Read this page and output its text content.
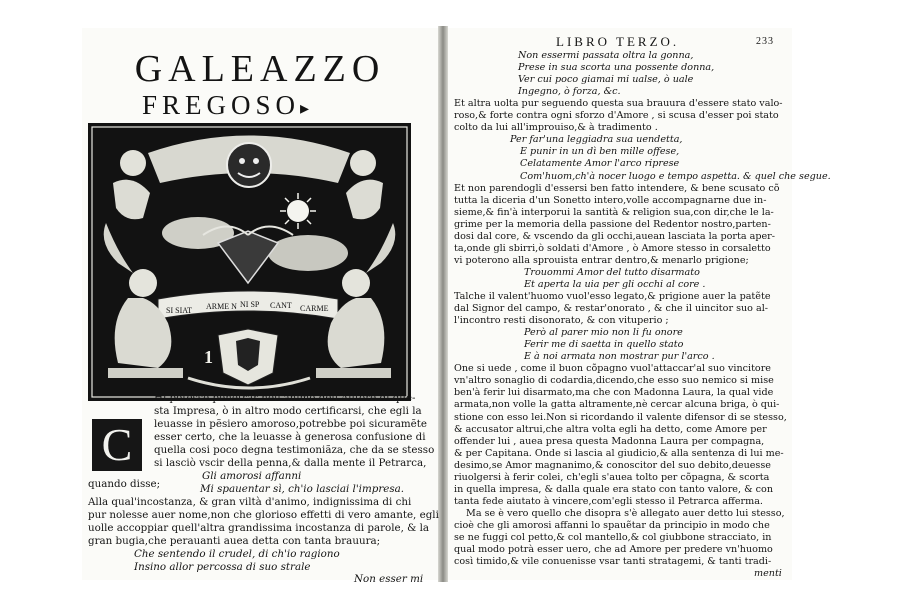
GALEAZZO
FREGOSO▸
SI SIAT ARME N NI SP CANT CARME
1
C
Hi potesse penetrar nell'animo dell'Autore di que-
sta Impresa, ò in altro modo certificarsi, che egli la
leuasse in pẽsiero amoroso,potrebbe poi sicuramẽte
esser certo, che la leuasse à generosa confusione di
quella cosi poco degna testimoniãza, che da se stesso
si lasciò vscir della penna,& dalla mente il Petrarca,
Gli amorosi affanni
quando disse;	Mi spauentar sì, ch'io lasciai l'impresa.
Alla qual'incostanza, & gran viltà d'animo, indignissima di chi
pur nolesse auer nome,non che glorioso effetti di vero amante, egli
uolle accoppiar quell'altra grandissima incostanza di parole, & la
gran bugia,che perauanti auea detta con tanta brauura;
Che sentendo il crudel, di ch'io ragiono
Insino allor percossa di suo strale
Non esser mi
LIBRO TERZO.	233
Non essermi passata oltra la gonna,
Prese in sua scorta una possente donna,
Ver cui poco giamai mi ualse, ò uale
Ingegno, ò forza, &c.
Et altra uolta pur seguendo questa sua brauura d'essere stato valo-
roso,& forte contra ogni sforzo d'Amore , si scusa d'esser poi stato
colto da lui all'improuiso,& à tradimento .
Per far'una leggiadra sua uendetta,
E punir in un dì ben mille offese,
Celatamente Amor l'arco riprese
Com'huom,ch'à nocer luogo e tempo aspetta. & quel che segue.
Et non parendogli d'essersi ben fatto intendere, & bene scusato cõ
tutta la diceria d'un Sonetto intero,volle accompagnarne due in-
sieme,& fin'à interporui la santità & religion sua,con dir,che le la-
grime per la memoria della passione del Redentor nostro,parten-
dosi dal core, & vscendo da gli occhi,auean lasciata la porta aper-
ta,onde gli sbirri,ò soldati d'Amore , ò Amore stesso in corsaletto
vi poterono alla sprouista entrar dentro,& menarlo prigione;
Trouommi Amor del tutto disarmato
Et aperta la uia per gli occhi al core .
Talche il valent'huomo vuol'esso legato,& prigione auer la patẽte
dal Signor del campo, & restar'onorato , & che il uincitor suo al-
l'incontro resti disonorato, & con vituperio ;
Però al parer mio non li fu onore
Ferir me di saetta in quello stato
E à noi armata non mostrar pur l'arco .
One si uede , come il buon cõpagno vuol'attaccar'al suo vincitore
vn'altro sonaglio di codardia,dicendo,che esso suo nemico si mise
ben'à ferir lui disarmato,ma che con Madonna Laura, la qual vide
armata,non volle la gatta altramente,nè cercar alcuna briga, ò qui-
stione con esso lei.Non si ricordando il valente difensor di se stesso,
& accusator altrui,che altra volta egli ha detto, come Amore per
offender lui , auea presa questa Madonna Laura per compagna,
& per Capitana. Onde si lascia al giudicio,& alla sentenza di lui me-
desimo,se Amor magnanimo,& conoscitor del suo debito,deuesse
riuolgersi à ferir colei, ch'egli s'auea tolto per cõpagna, & scorta
in quella impresa, & dalla quale era stato con tanto valore, & con
tanta fede aiutato à vincere,com'egli stesso il Petrarca afferma.
Ma se è vero quello che disopra s'è allegato auer detto lui stesso,
cioè che gli amorosi affanni lo spauẽtar da principio in modo che
se ne fuggi col petto,& col mantello,& col giubbone stracciato, in
qual modo potrà esser uero, che ad Amore per predere vn'huomo
così timido,& vile conuenisse vsar tanti stratagemi, & tanti tradi-
menti
